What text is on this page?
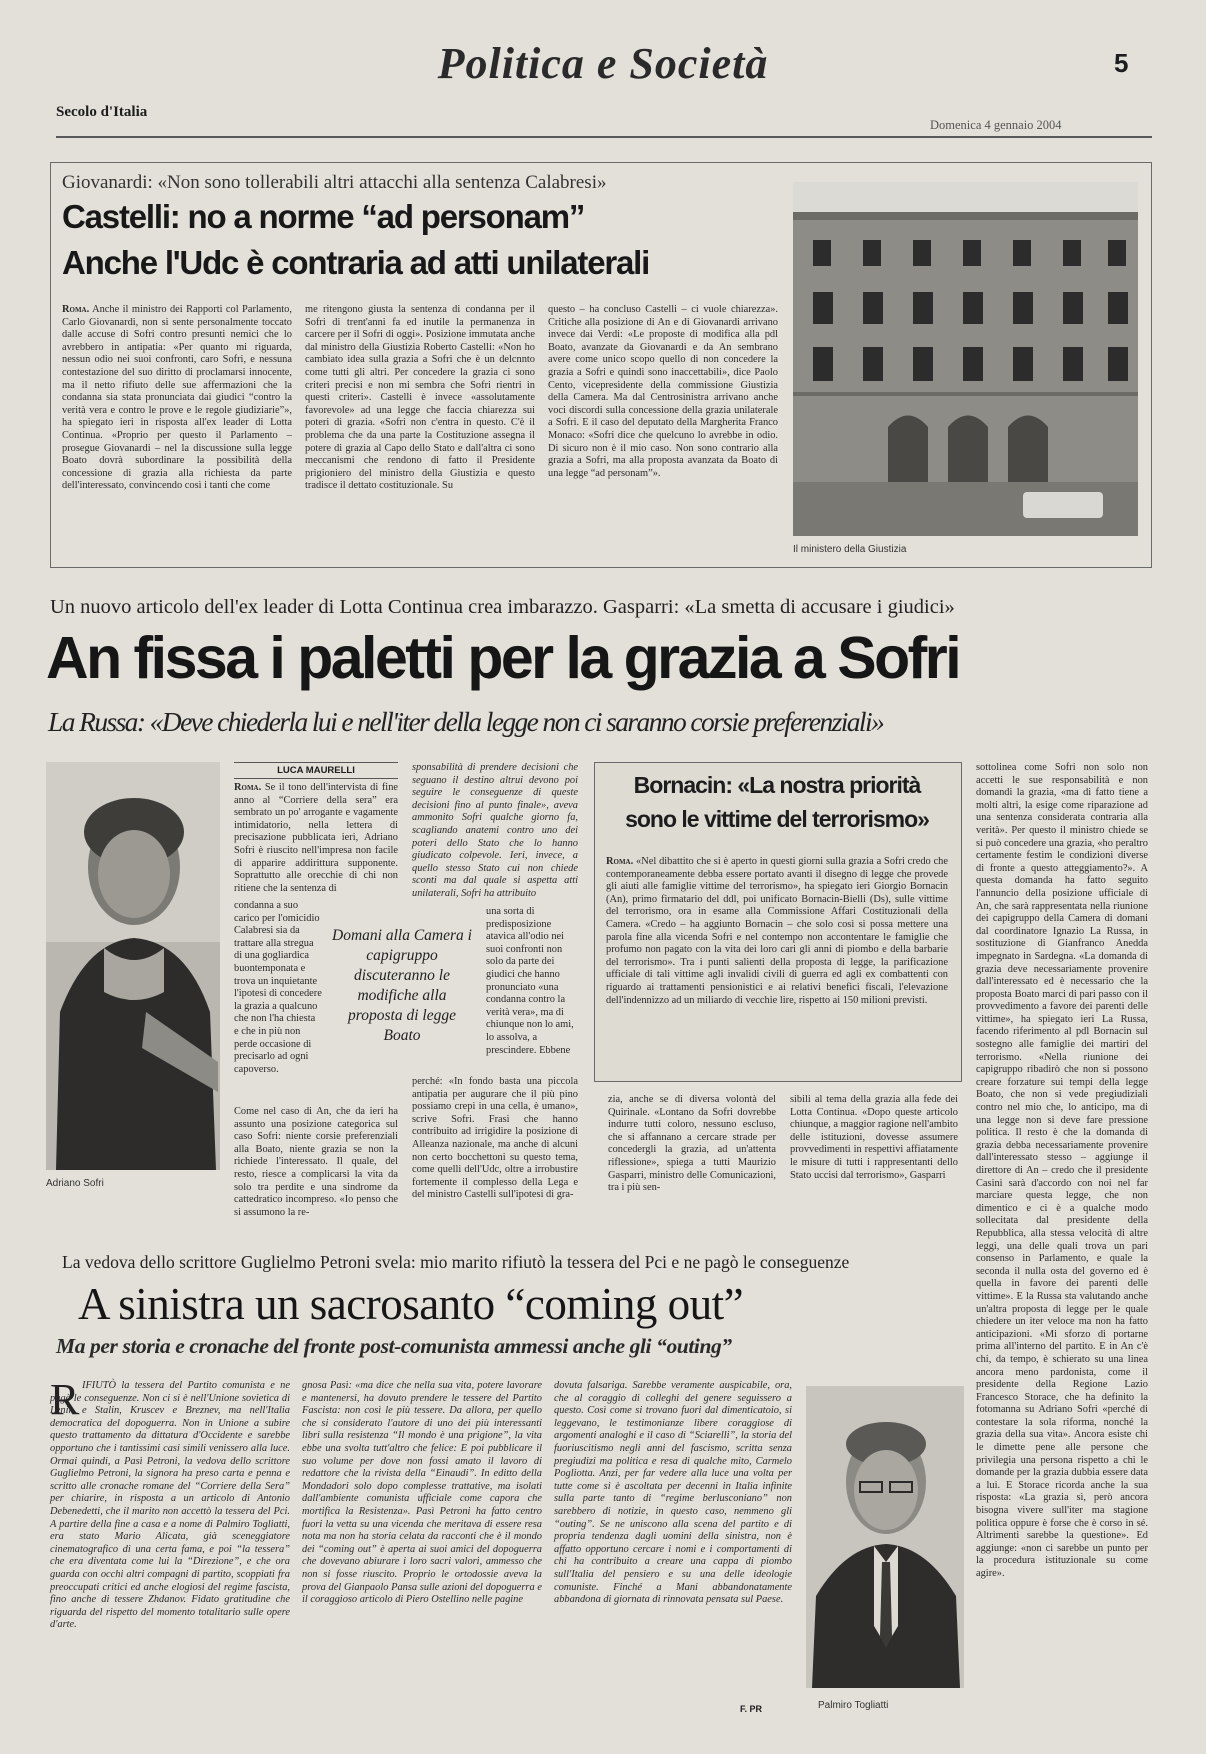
Politica e Società	5
Secolo d'Italia
Domenica 4 gennaio 2004
Giovanardi: «Non sono tollerabili altri attacchi alla sentenza Calabresi»
Castelli: no a norme “ad personam”
Anche l'Udc è contraria ad atti unilaterali

Roma. Anche il ministro dei Rapporti col Parlamento, Carlo Giovanardi, non si sente personalmente toccato dalle accuse di Sofri contro presunti nemici che lo avrebbero in antipatia: «Per quanto mi riguarda, nessun odio nei suoi confronti, caro Sofri, e nessuna contestazione del suo diritto di proclamarsi innocente, ma il netto rifiuto delle sue affermazioni che la condanna sia stata pronunciata dai giudici “contro la verità vera e contro le prove e le regole giudiziarie”», ha spiegato ieri in risposta all'ex leader di Lotta Continua. «Proprio per questo il Parlamento – prosegue Giovanardi – nel la discussione sulla legge Boato dovrà subordinare la possibilità della concessione di grazia alla richiesta da parte dell'interessato, convincendo così i tanti che come

me ritengono giusta la sentenza di condanna per il Sofri di trent'anni fa ed inutile la permanenza in carcere per il Sofri di oggi». Posizione immutata anche dal ministro della Giustizia Roberto Castelli: «Non ho cambiato idea sulla grazia a Sofri che è un delcnnto come tutti gli altri. Per concedere la grazia ci sono criteri precisi e non mi sembra che Sofri rientri in questi criteri». Castelli è invece «assolutamente favorevole» ad una legge che faccia chiarezza sui poteri di grazia. «Sofri non c'entra in questo. C'è il problema che da una parte la Costituzione assegna il potere di grazia al Capo dello Stato e dall'altra ci sono meccanismi che rendono di fatto il Presidente prigioniero del ministro della Giustizia e questo tradisce il dettato costituzionale. Su

questo – ha concluso Castelli – ci vuole chiarezza». Critiche alla posizione di An e di Giovanardi arrivano invece dai Verdi: «Le proposte di modifica alla pdl Boato, avanzate da Giovanardi e da An sembrano avere come unico scopo quello di non concedere la grazia a Sofri e quindi sono inaccettabili», dice Paolo Cento, vicepresidente della commissione Giustizia della Camera. Ma dal Centrosinistra arrivano anche voci discordi sulla concessione della grazia unilaterale a Sofri. E il caso del deputato della Margherita Franco Monaco: «Sofri dice che quelcuno lo avrebbe in odio. Di sicuro non è il mio caso. Non sono contrario alla grazia a Sofri, ma alla proposta avanzata da Boato di una legge “ad personam”».

Il ministero della Giustizia
Un nuovo articolo dell'ex leader di Lotta Continua crea imbarazzo. Gasparri: «La smetta di accusare i giudici»
An fissa i paletti per la grazia a Sofri
La Russa: «Deve chiederla lui e nell'iter della legge non ci saranno corsie preferenziali»
Adriano Sofri
LUCA MAURELLI

Roma. Se il tono dell'intervista di fine anno al “Corriere della sera” era sembrato un po' arrogante e vagamente intimidatorio, nella lettera di precisazione pubblicata ieri, Adriano Sofri è riuscito nell'impresa non facile di apparire addirittura supponente. Soprattutto alle orecchie di chi non ritiene che la sentenza di

condanna a suo carico per l'omicidio Calabresi sia da trattare alla stregua di una gogliardica buontemponata e trova un inquietante l'ipotesi di concedere la grazia a qualcuno che non l'ha chiesta e che in più non perde occasione di precisarlo ad ogni capoverso.

Come nel caso di An, che da ieri ha assunto una posizione categorica sul caso Sofri: niente corsie preferenziali alla Boato, niente grazia se non la richiede l'interessato. Il quale, del resto, riesce a complicarsi la vita da solo tra perdite e una sindrome da cattedratico incompreso. «Io penso che si assumono la re-

Domani alla Camera i capigruppo discuteranno le modifiche alla proposta di legge Boato

sponsabilità di prendere decisioni che seguano il destino altrui devono poi seguire le conseguenze di queste decisioni fino al punto finale», aveva ammonito Sofri qualche giorno fa, scagliando anatemi contro uno dei poteri dello Stato che lo hanno giudicato colpevole. Ieri, invece, a quello stesso Stato cui non chiede sconti ma dal quale si aspetta atti unilaterali, Sofri ha attribuito

una sorta di predisposizione atavica all'odio nei suoi confronti non solo da parte dei giudici che hanno pronunciato «una condanna contro la verità vera», ma di chiunque non lo ami, lo assolva, a prescindere. Ebbene

perché: «In fondo basta una piccola antipatia per augurare che il più pino possiamo crepi in una cella, è umano», scrive Sofri. Frasi che hanno contribuito ad irrigidire la posizione di Alleanza nazionale, ma anche di alcuni non certo bocchettoni su questo tema, come quelli dell'Udc, oltre a irrobustire fortemente il complesso della Lega e del ministro Castelli sull'ipotesi di gra-

Bornacin: «La nostra priorità
sono le vittime del terrorismo»

Roma. «Nel dibattito che si è aperto in questi giorni sulla grazia a Sofri credo che contemporaneamente debba essere portato avanti il disegno di legge che provede gli aiuti alle famiglie vittime del terrorismo», ha spiegato ieri Giorgio Bornacin (An), primo firmatario del ddl, poi unificato Bornacin-Bielli (Ds), sulle vittime del terrorismo, ora in esame alla Commissione Affari Costituzionali della Camera. «Credo – ha aggiunto Bornacin – che solo così si possa mettere una parola fine alla vicenda Sofri e nel contempo non accontentare le famiglie che profumo non pagato con la vita dei loro cari gli anni di piombo e della barbarie del terrorismo». Tra i punti salienti della proposta di legge, la parificazione ufficiale di tali vittime agli invalidi civili di guerra ed agli ex combattenti con riguardo ai trattamenti pensionistici e ai relativi benefici fiscali, l'elevazione dell'indennizzo ad un miliardo di vecchie lire, rispetto ai 150 milioni previsti.

zia, anche se di diversa volontà del Quirinale. «Lontano da Sofri dovrebbe indurre tutti coloro, nessuno escluso, che si affannano a cercare strade per concedergli la grazia, ad un'attenta riflessione», spiega a tutti Maurizio Gasparri, ministro delle Comunicazioni, tra i più sen-

sibili al tema della grazia alla fede dei Lotta Continua. «Dopo queste articolo chiunque, a maggior ragione nell'ambito delle istituzioni, dovesse assumere provvedimenti in respettivi affiatamente le misure di tutti i rappresentanti dello Stato uccisi dal terrorismo», Gasparri

sottolinea come Sofri non solo non accetti le sue responsabilità e non domandi la grazia, «ma di fatto tiene a molti altri, la esige come riparazione ad una sentenza considerata contraria alla verità». Per questo il ministro chiede se si può concedere una grazia, «ho peraltro certamente festim le condizioni diverse di fronte a questo atteggiamento?». A questa domanda ha fatto seguito l'annuncio della posizione ufficiale di An, che sarà rappresentata nella riunione dei capigruppo della Camera di domani dal coordinatore Ignazio La Russa, in sostituzione di Gianfranco Anedda impegnato in Sardegna. «La domanda di grazia deve necessariamente provenire dall'interessato ed è necessario che la proposta Boato marci di pari passo con il provvedimento a favore dei parenti delle vittime», ha spiegato ieri La Russa, facendo riferimento al pdl Bornacin sul sostegno alle famiglie dei martiri del terrorismo. «Nella riunione dei capigruppo ribadirò che non si possono creare forzature sui tempi della legge Boato, che non si vede pregiudiziali contro nel mio che, lo anticipo, ma di una legge non si deve fare pressione politica. Il resto è che la domanda di grazia debba necessariamente provenire dall'interessato stesso – aggiunge il direttore di An – credo che il presidente Casini sarà d'accordo con noi nel far marciare questa legge, che non dimentico e ci è a qualche modo sollecitata dal presidente della Repubblica, alla stessa velocità di altre leggi, una delle quali trova un pari consenso in Parlamento, e quale la seconda il nulla osta del governo ed è quella in favore dei parenti delle vittime». E la Russa sta valutando anche un'altra proposta di legge per le quale chiedere un iter veloce ma non ha fatto anticipazioni. «Mi sforzo di portarne prima all'interno del partito. E in An c'è chi, da tempo, è schierato su una linea ancora meno pardonista, come il presidente della Regione Lazio Francesco Storace, che ha definito la fotomanna su Adriano Sofri «perché di contestare la sola riforma, nonché la grazia della sua vita». Ancora esiste chi le dimette pene alle persone che privilegia una persona rispetto a chi le domande per la grazia dubbia essere data a lui. E Storace ricorda anche la sua risposta: «La grazia sì, però ancora bisogna vivere sull'iter ma stagione politica oppure è forse che è corso in sé. Altrimenti sarebbe la questione». Ed aggiunge: «non ci sarebbe un punto per la procedura istituzionale su come agire».

La vedova dello scrittore Guglielmo Petroni svela: mio marito rifiutò la tessera del Pci e ne pagò le conseguenze
A sinistra un sacrosanto “coming out”
Ma per storia e cronache del fronte post-comunista ammessi anche gli “outing”
R IFIUTÒ la tessera del Partito comunista e ne pagò le conseguenze. Non ci si è nell'Unione sovietica di Lenin e Stalin, Kruscev e Breznev, ma nell'Italia democratica del dopoguerra. Non in Unione a subire questo trattamento da dittatura d'Occidente e sarebbe opportuno che i tantissimi casi simili venissero alla luce. Ormai quindi, a Pasì Petroni, la vedova dello scrittore Guglielmo Petroni, la signora ha preso carta e penna e scritto alle cronache romane del “Corriere della Sera” per chiarire, in risposta a un articolo di Antonio Debenedetti, che il marito non accettò la tessera del Pci. A partire della fine a casa e a nome di Palmiro Togliatti, era stato Mario Alicata, già sceneggiatore cinematografico di una certa fama, e poi “la tessera” che era diventata come lui la “Direzione”, e che ora guarda con occhi altri compagni di partito, scoppiati fra preoccupati critici ed anche elogiosi del regime fascista, fino anche di tessere Zhdanov. Fidato gratitudine che riguarda del rispetto del momento totalitario sulle opere d'arte.

gnosa Pasì: «ma dice che nella sua vita, potere lavorare e mantenersi, ha dovuto prendere le tessere del Partito Fascista: non così le più tessere. Da allora, per quello che si considerato l'autore di uno dei più interessanti libri sulla resistenza “Il mondo è una prigione”, la vita ebbe una svolta tutt'altro che felice: E poi pubblicare il suo volume per dove non fossi amato il lavoro di redattore che la rivista della “Einaudi”. In editto della Mondadori solo dopo complesse trattative, ma isolati dall'ambiente comunista ufficiale come capora che mortifica la Resistenza». Pasì Petroni ha fatto centro fuori la vetta su una vicenda che meritava di essere resa nota ma non ha storia celata da racconti che è il mondo dei “coming out” è aperta ai suoi amici del dopoguerra che dovevano abiurare i loro sacri valori, ammesso che non si fosse riuscito. Proprio le ortodossie aveva la prova del Gianpaolo Pansa sulle azioni del dopoguerra e il coraggioso articolo di Piero Ostellino nelle pagine

dovuta falsariga. Sarebbe veramente auspicabile, ora, che al coraggio di colleghi del genere seguissero a questo. Così come si trovano fuori dal dimenticatoio, si leggevano, le testimonianze libere coraggiose di argomenti analoghi e il caso di “Sciarelli”, la storia del fuoriuscitismo negli anni del fascismo, scritta senza pregiudizi ma politica e resa di qualche mito, Carmelo Pogliotta. Anzi, per far vedere alla luce una volta per tutte come si è ascoltata per decenni in Italia infinite sulla parte tanto di “regime berlusconiano” non sarebbero di notizie, in questo caso, nemmeno gli “outing”. Se ne uniscono alla scena del partito e di propria tendenza dagli uomini della sinistra, non è affatto opportuno cercare i nomi e i comportamenti di chi ha contribuito a creare una cappa di piombo sull'Italia del pensiero e su una delle ideologie comuniste. Finché a Mani abbandonatamente abbandona di giornata di rinnovata pensata sul Paese.

F. PR	Palmiro Togliatti
